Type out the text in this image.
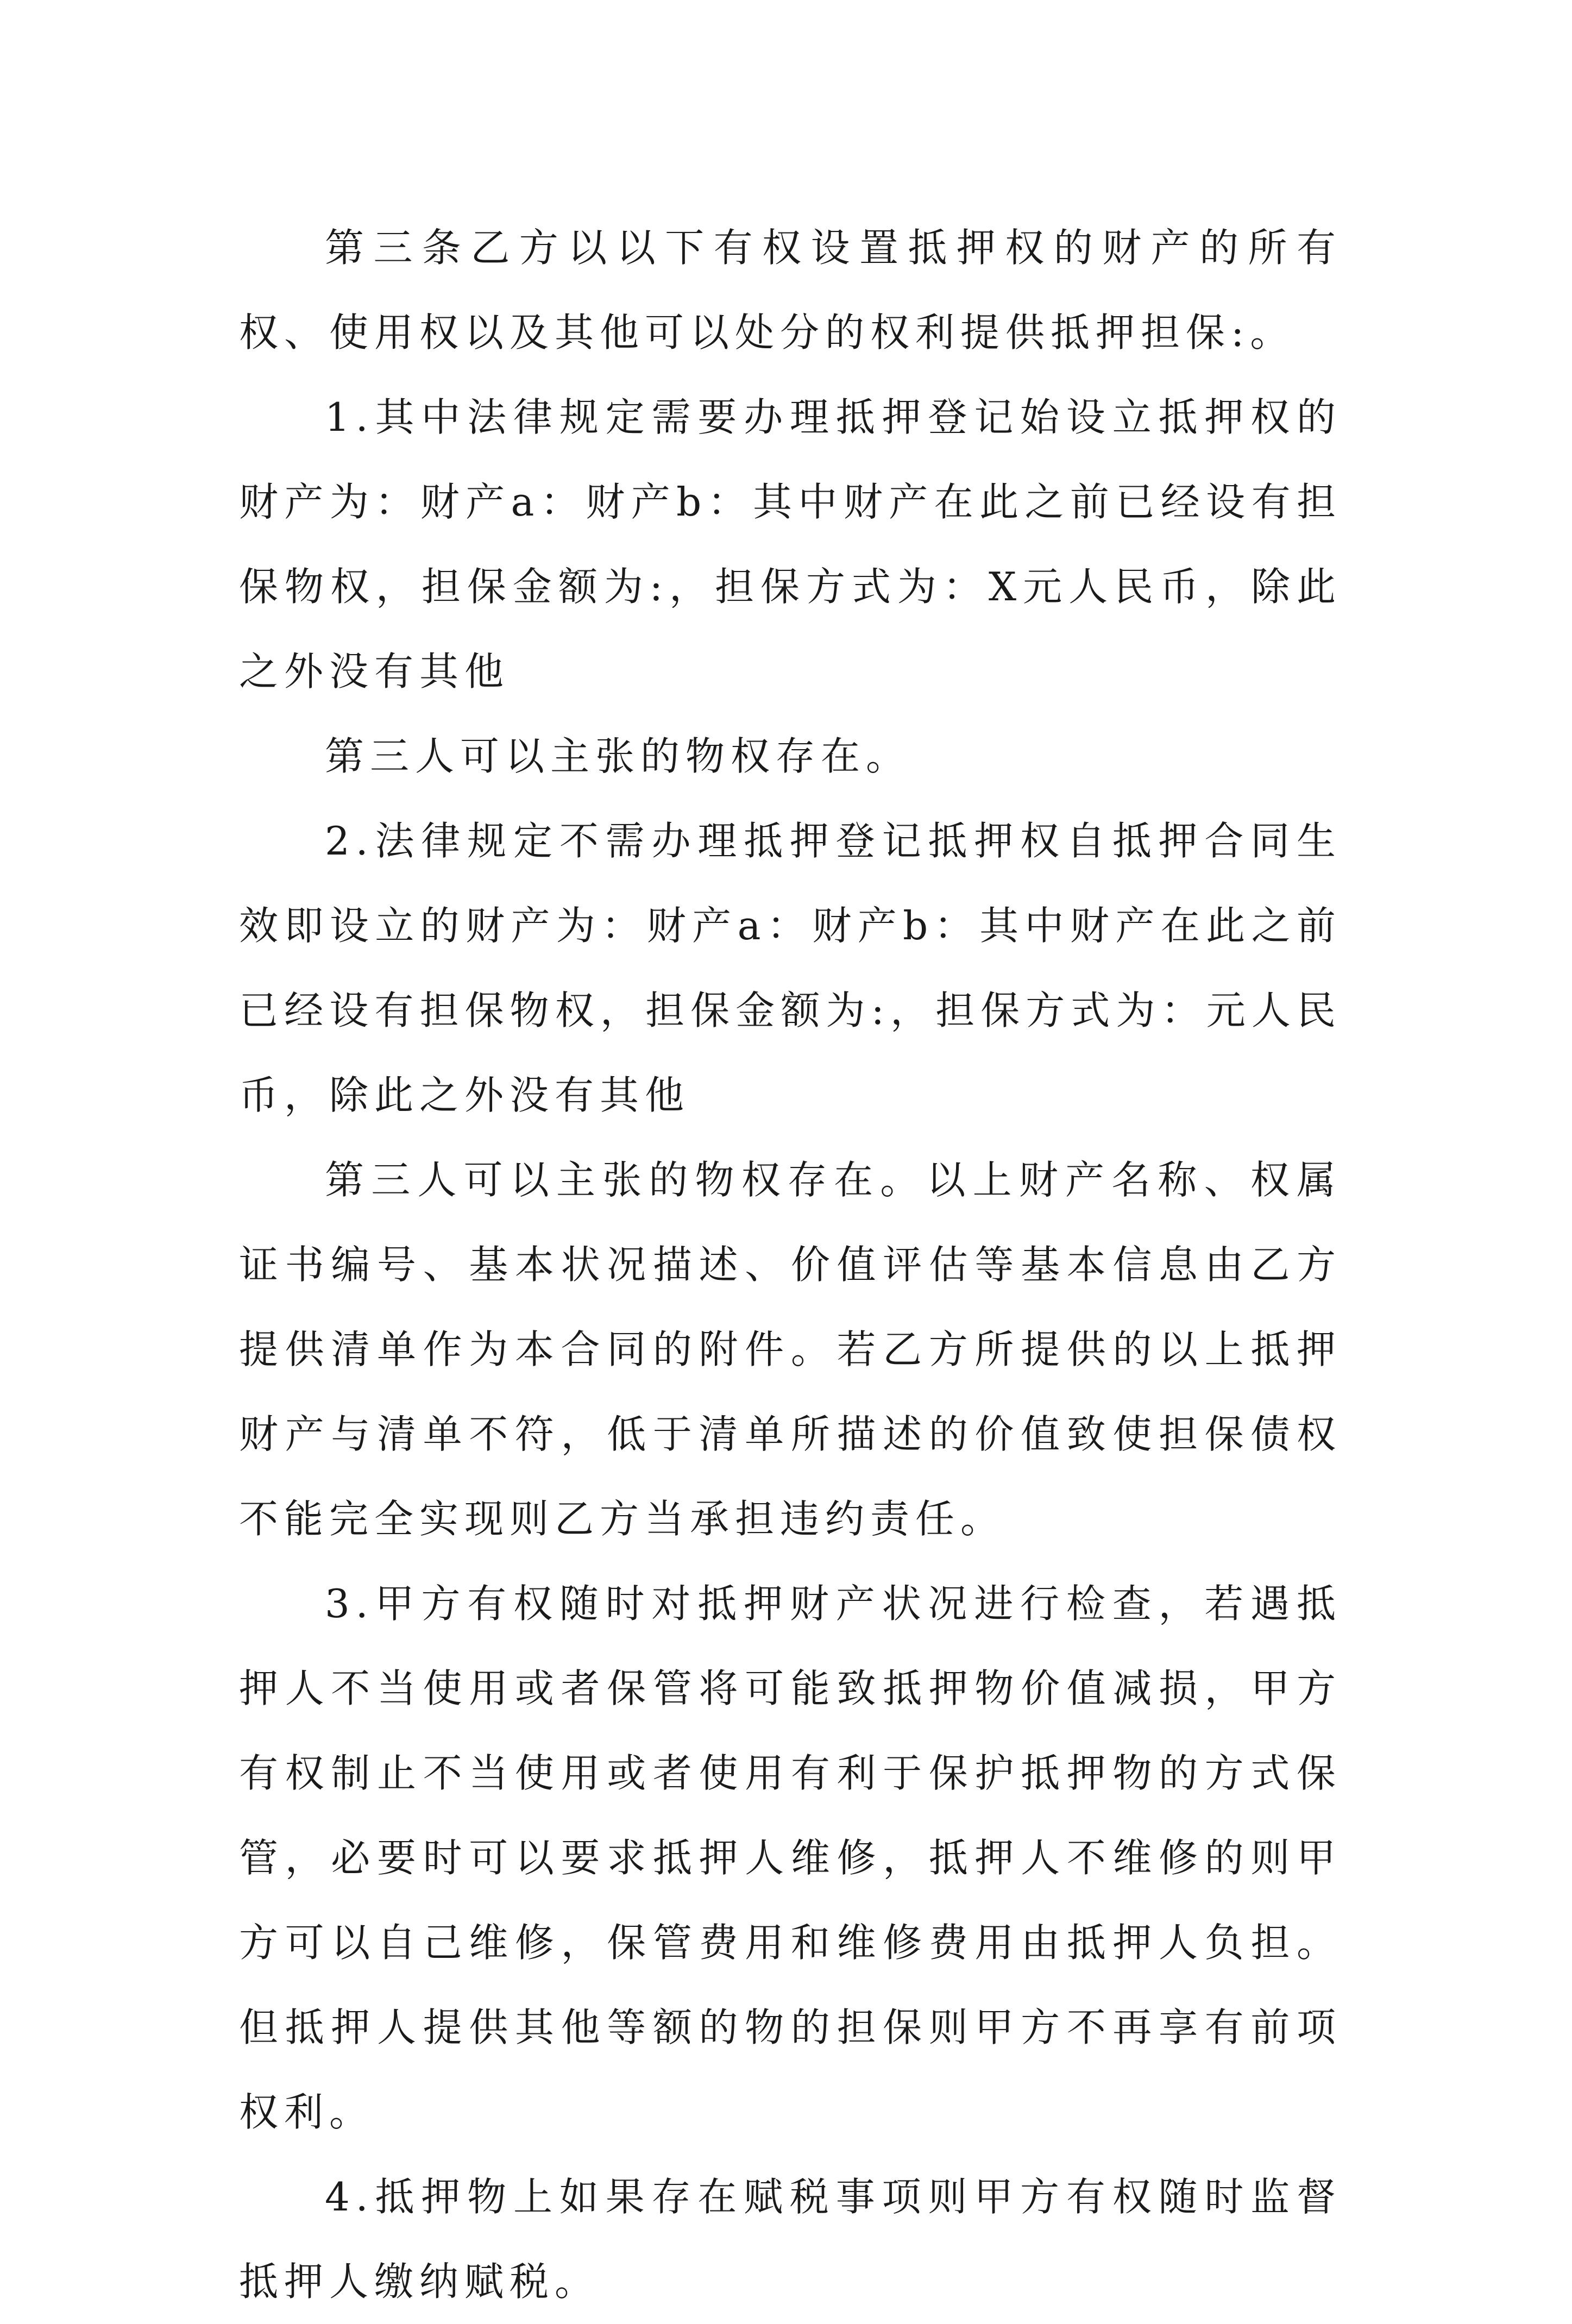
第三条乙方以以下有权设置抵押权的财产的所有权、使用权以及其他可以处分的权利提供抵押担保:。

1.其中法律规定需要办理抵押登记始设立抵押权的财产为：财产a：财产b：其中财产在此之前已经设有担保物权，担保金额为:，担保方式为：X元人民币，除此之外没有其他

第三人可以主张的物权存在。

2.法律规定不需办理抵押登记抵押权自抵押合同生效即设立的财产为：财产a：财产b：其中财产在此之前已经设有担保物权，担保金额为:，担保方式为：元人民币，除此之外没有其他

第三人可以主张的物权存在。以上财产名称、权属证书编号、基本状况描述、价值评估等基本信息由乙方提供清单作为本合同的附件。若乙方所提供的以上抵押财产与清单不符，低于清单所描述的价值致使担保债权不能完全实现则乙方当承担违约责任。

3.甲方有权随时对抵押财产状况进行检查，若遇抵押人不当使用或者保管将可能致抵押物价值减损，甲方有权制止不当使用或者使用有利于保护抵押物的方式保管，必要时可以要求抵押人维修，抵押人不维修的则甲方可以自己维修，保管费用和维修费用由抵押人负担。但抵押人提供其他等额的物的担保则甲方不再享有前项权利。

4.抵押物上如果存在赋税事项则甲方有权随时监督抵押人缴纳赋税。
